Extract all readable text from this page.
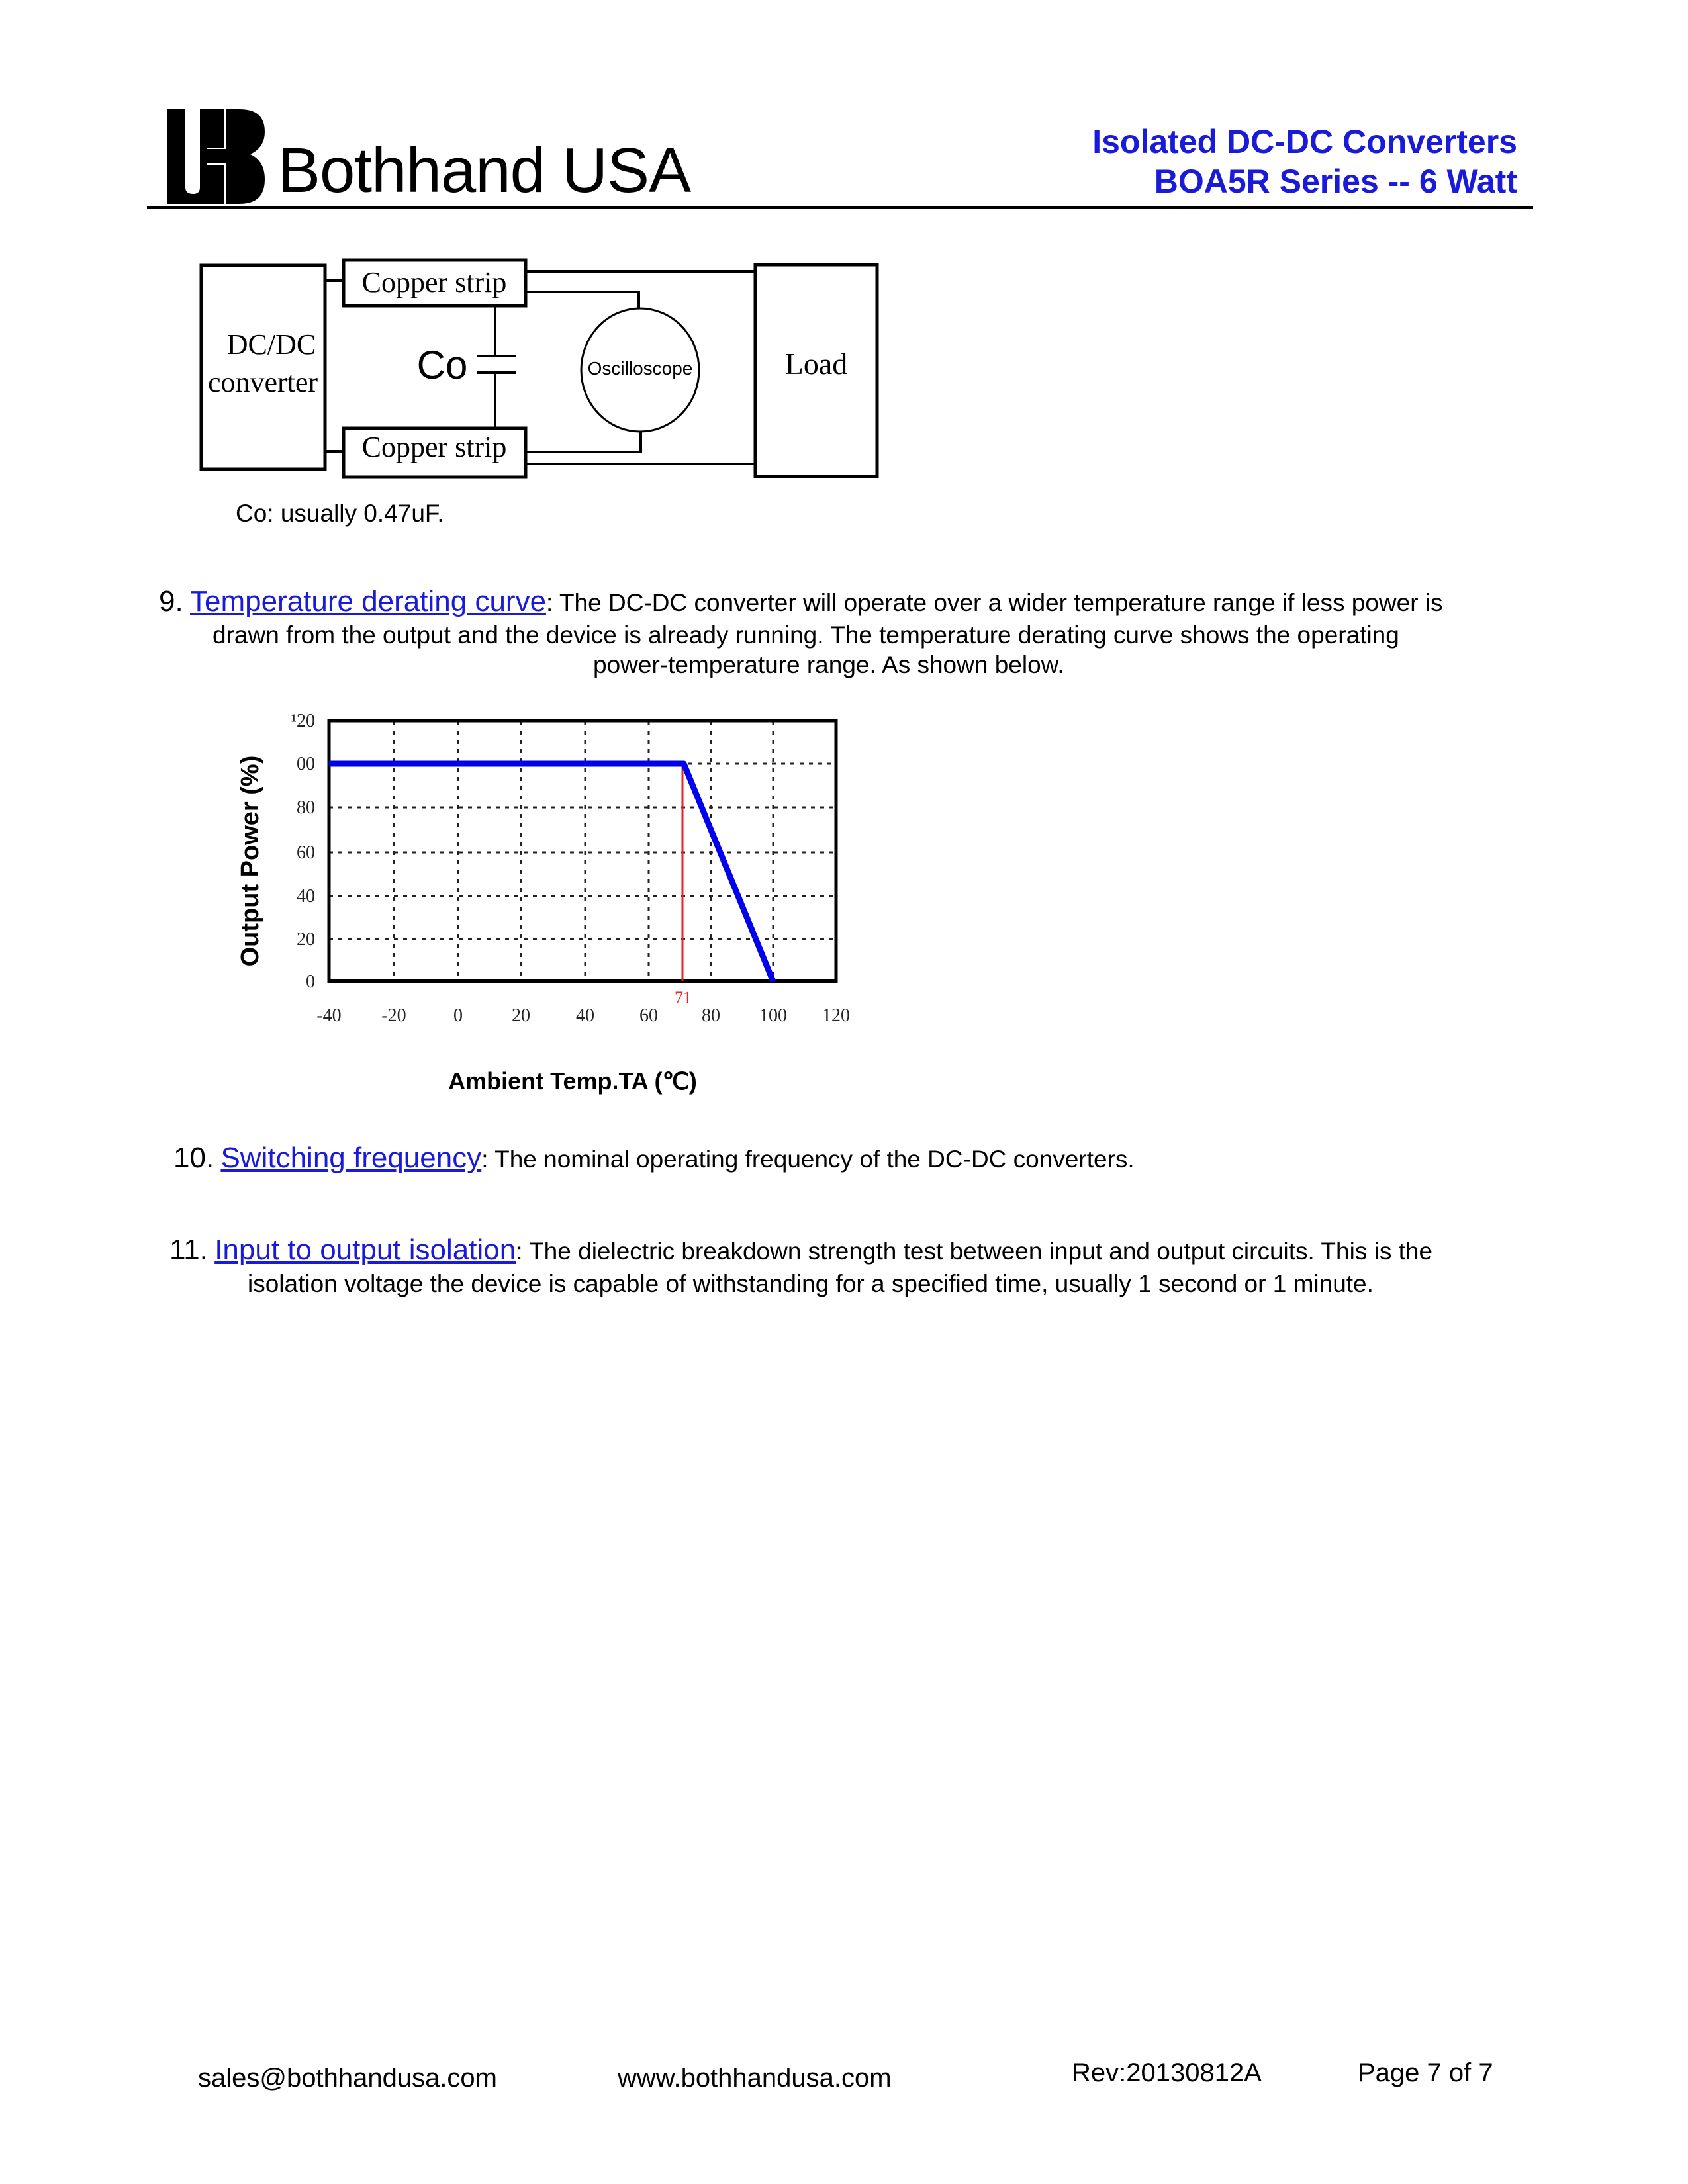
Bothhand USA	Isolated DC-DC Converters
BOA5R Series -- 6 Watt
DC/DC
converter
Copper strip
Copper strip
Co	Oscilloscope	Load
Co: usually 0.47uF.
9. Temperature derating curve: The DC-DC converter will operate over a wider temperature range if less power is
drawn from the output and the device is already running. The temperature derating curve shows the operating
power-temperature range. As shown below.
0
20
40
60
80
00
¹20
-40 -20	0	20 40 60 80 100 120
71
Output Power (%)
Ambient Temp.TA (℃)
10. Switching frequency: The nominal operating frequency of the DC-DC converters.
11. Input to output isolation: The dielectric breakdown strength test between input and output circuits. This is the
isolation voltage the device is capable of withstanding for a specified time, usually 1 second or 1 minute.
sales@bothhandusa.com	www.bothhandusa.com	Rev:20130812A	Page 7 of 7
